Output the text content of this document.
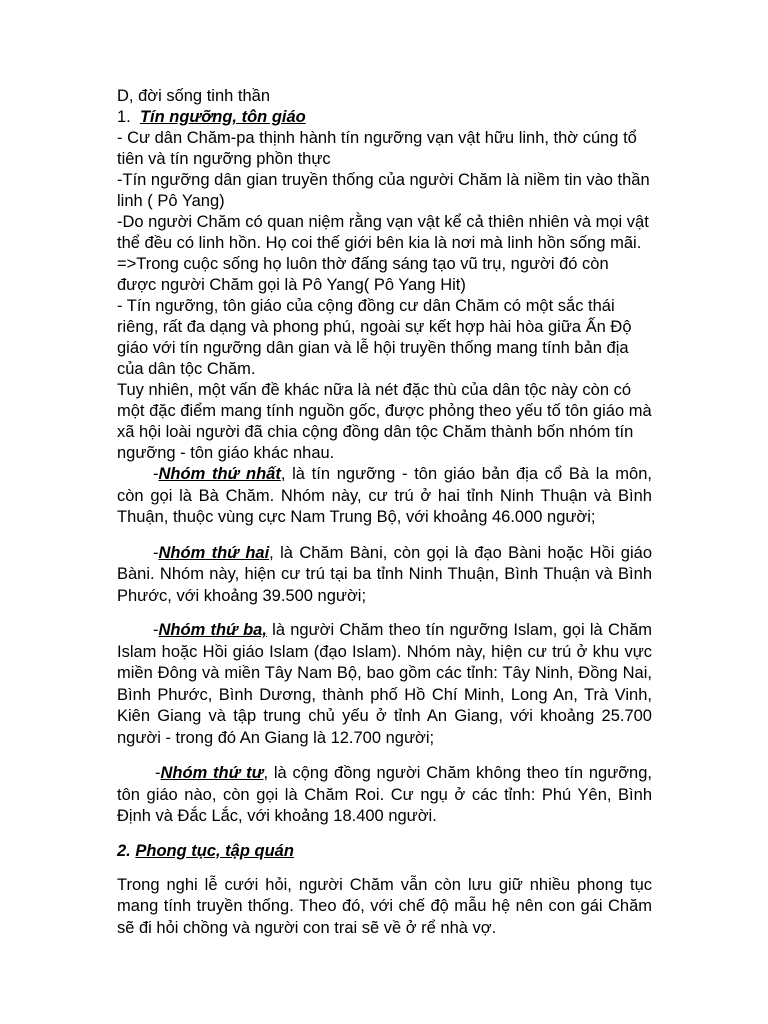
D, đời sống tinh thần

1. Tín ngưỡng, tôn giáo

- Cư dân Chăm-pa thịnh hành tín ngưỡng vạn vật hữu linh, thờ cúng tổ tiên và tín ngưỡng phồn thực

-Tín ngưỡng dân gian truyền thống của người Chăm là niềm tin vào thần linh ( Pô Yang)

-Do người Chăm có quan niệm rằng vạn vật kể cả thiên nhiên và mọi vật thể đều có linh hồn. Họ coi thế giới bên kia là nơi mà linh hồn sống mãi.

=>Trong cuộc sống họ luôn thờ đấng sáng tạo vũ trụ, người đó còn được người Chăm gọi là Pô Yang( Pô Yang Hit)

- Tín ngưỡng, tôn giáo của cộng đồng cư dân Chăm có một sắc thái riêng, rất đa dạng và phong phú, ngoài sự kết hợp hài hòa giữa Ấn Độ giáo với tín ngưỡng dân gian và lễ hội truyền thống mang tính bản địa của dân tộc Chăm.

Tuy nhiên, một vấn đề khác nữa là nét đặc thù của dân tộc này còn có một đặc điểm mang tính nguồn gốc, được phỏng theo yếu tố tôn giáo mà xã hội loài người đã chia cộng đồng dân tộc Chăm thành bốn nhóm tín ngưỡng - tôn giáo khác nhau.

-Nhóm thứ nhất, là tín ngưỡng - tôn giáo bản địa cổ Bà la môn, còn gọi là Bà Chăm. Nhóm này, cư trú ở hai tỉnh Ninh Thuận và Bình Thuận, thuộc vùng cực Nam Trung Bộ, với khoảng 46.000 người;

-Nhóm thứ hai, là Chăm Bàni, còn gọi là đạo Bàni hoặc Hồi giáo Bàni. Nhóm này, hiện cư trú tại ba tỉnh Ninh Thuận, Bình Thuận và Bình Phước, với khoảng 39.500 người;

-Nhóm thứ ba, là người Chăm theo tín ngưỡng Islam, gọi là Chăm Islam hoặc Hồi giáo Islam (đạo Islam). Nhóm này, hiện cư trú ở khu vực miền Đông và miền Tây Nam Bộ, bao gồm các tỉnh: Tây Ninh, Đồng Nai, Bình Phước, Bình Dương, thành phố Hồ Chí Minh, Long An, Trà Vinh, Kiên Giang và tập trung chủ yếu ở tỉnh An Giang, với khoảng 25.700 người - trong đó An Giang là 12.700 người;

-Nhóm thứ tư, là cộng đồng người Chăm không theo tín ngưỡng, tôn giáo nào, còn gọi là Chăm Roi. Cư ngụ ở các tỉnh: Phú Yên, Bình Định và Đắc Lắc, với khoảng 18.400 người.

2. Phong tục, tập quán

Trong nghi lễ cưới hỏi, người Chăm vẫn còn lưu giữ nhiều phong tục mang tính truyền thống. Theo đó, với chế độ mẫu hệ nên con gái Chăm sẽ đi hỏi chồng và người con trai sẽ về ở rể nhà vợ.
